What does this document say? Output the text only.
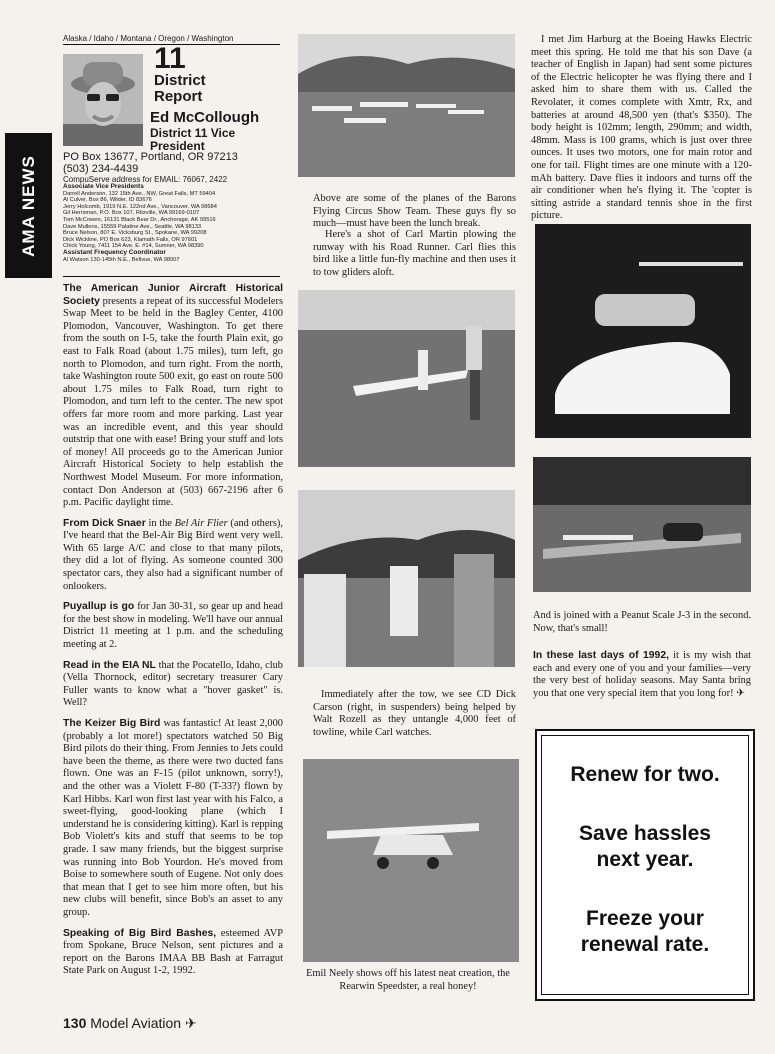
AMA NEWS
Alaska / Idaho / Montana / Oregon / Washington
11
District
Report
Ed McCollough
District 11 Vice
President
PO Box 13677, Portland, OR 97213
(503) 234-4439
CompuServe address for EMAIL: 76067, 2422
Associate Vice Presidents
Darrell Anderson, 132 15th Ave., NW, Great Falls, MT 59404
Al Culver, Box 86, Wilder, ID 83676
Jerry Holcomb, 1919 N.E. 122nd Ave., Vancouver, WA 98684
Gil Herrsman, P.O. Box 107, Ritzville, WA 99169-0107
Tom McCowen, 16131 Black Bear Dr., Anchorage, AK 99516
Dave Mullens, 15559 Palatine Ave., Seattle, WA 98133
Bruce Nelson, 807 E. Vicksburg St., Spokane, WA 99208
Dick Wickline, PO Box 623, Klamath Falls, OR 97601
Chick Young, 7411 154 Ave. E. #14, Sumner, WA 98390
Assistant Frequency Coordinator
Al Watson 130-145th N.E., Bellvue, WA 98007

The American Junior Aircraft Historical Society presents a repeat of its successful Modelers Swap Meet to be held in the Bagley Center, 4100 Plomodon, Vancouver, Washington. To get there from the south on I-5, take the fourth Plain exit, go east to Falk Road (about 1.75 miles), turn left, go north to Plomodon, and turn right. From the north, take Washington route 500 exit, go east on route 500 about 1.75 miles to Falk Road, turn right to Plomodon, and turn left to the center. The new spot offers far more room and more parking. Last year was an incredible event, and this year should outstrip that one with ease! Bring your stuff and lots of money! All proceeds go to the American Junior Aircraft Historical Society to help establish the Northwest Model Museum. For more information, contact Don Anderson at (503) 667-2196 after 6 p.m. Pacific daylight time.

From Dick Snaer in the Bel Air Flier (and others), I've heard that the Bel-Air Big Bird went very well. With 65 large A/C and close to that many pilots, they did a lot of flying. As someone counted 300 spectator cars, they also had a significant number of onlookers.

Puyallup is go for Jan 30-31, so gear up and head for the best show in modeling. We'll have our annual District 11 meeting at 1 p.m. and the scheduling meeting at 2.

Read in the EIA NL that the Pocatello, Idaho, club (Vella Thornock, editor) secretary treasurer Cary Fuller wants to know what a "hover gasket" is. Well?

The Keizer Big Bird was fantastic! At least 2,000 (probably a lot more!) spectators watched 50 Big Bird pilots do their thing. From Jennies to Jets could have been the theme, as there were two ducted fans flown. One was an F-15 (pilot unknown, sorry!), and the other was a Violett F-80 (T-33?) flown by Karl Hibbs. Karl won first last year with his Falco, a sweet-flying, good-looking plane (which I understand he is considering kitting). Karl is repping Bob Violett's kits and stuff that seems to be top grade. I saw many friends, but the biggest surprise was running into Bob Yourdon. He's moved from Boise to somewhere south of Eugene. Not only does that mean that I get to see him more often, but his new clubs will benefit, since Bob's an asset to any group.

Speaking of Big Bird Bashes, esteemed AVP from Spokane, Bruce Nelson, sent pictures and a report on the Barons IMAA BB Bash at Farragut State Park on August 1-2, 1992.

Above are some of the planes of the Barons Flying Circus Show Team. These guys fly so much—must have been the lunch break.
Here's a shot of Carl Martin plowing the runway with his Road Runner. Carl flies this bird like a little fun-fly machine and then uses it to tow gliders aloft.
Immediately after the tow, we see CD Dick Carson (right, in suspenders) being helped by Walt Rozell as they untangle 4,000 feet of towline, while Carl watches.
Emil Neely shows off his latest neat creation, the Rearwin Speedster, a real honey!
I met Jim Harburg at the Boeing Hawks Electric meet this spring. He told me that his son Dave (a teacher of English in Japan) had sent some pictures of the Electric helicopter he was flying there and I asked him to share them with us. Called the Revolater, it comes complete with Xmtr, Rx, and batteries at around 48,500 yen (that's $350). The body height is 102mm; length, 290mm; and width, 48mm. Mass is 100 grams, which is just over three ounces. It uses two motors, one for main rotor and one for tail. Flight times are one minute with a 120-mAh battery. Dave flies it indoors and turns off the air conditioner when he's flying it. The 'copter is sitting astride a standard tennis shoe in the first picture.
And is joined with a Peanut Scale J-3 in the second. Now, that's small!
In these last days of 1992, it is my wish that each and every one of you and your families—very the very best of holiday seasons. May Santa bring you that one very special item that you long for! ✈
Renew for two.
Save hassles
next year.
Freeze your
renewal rate.
130 Model Aviation ✈
